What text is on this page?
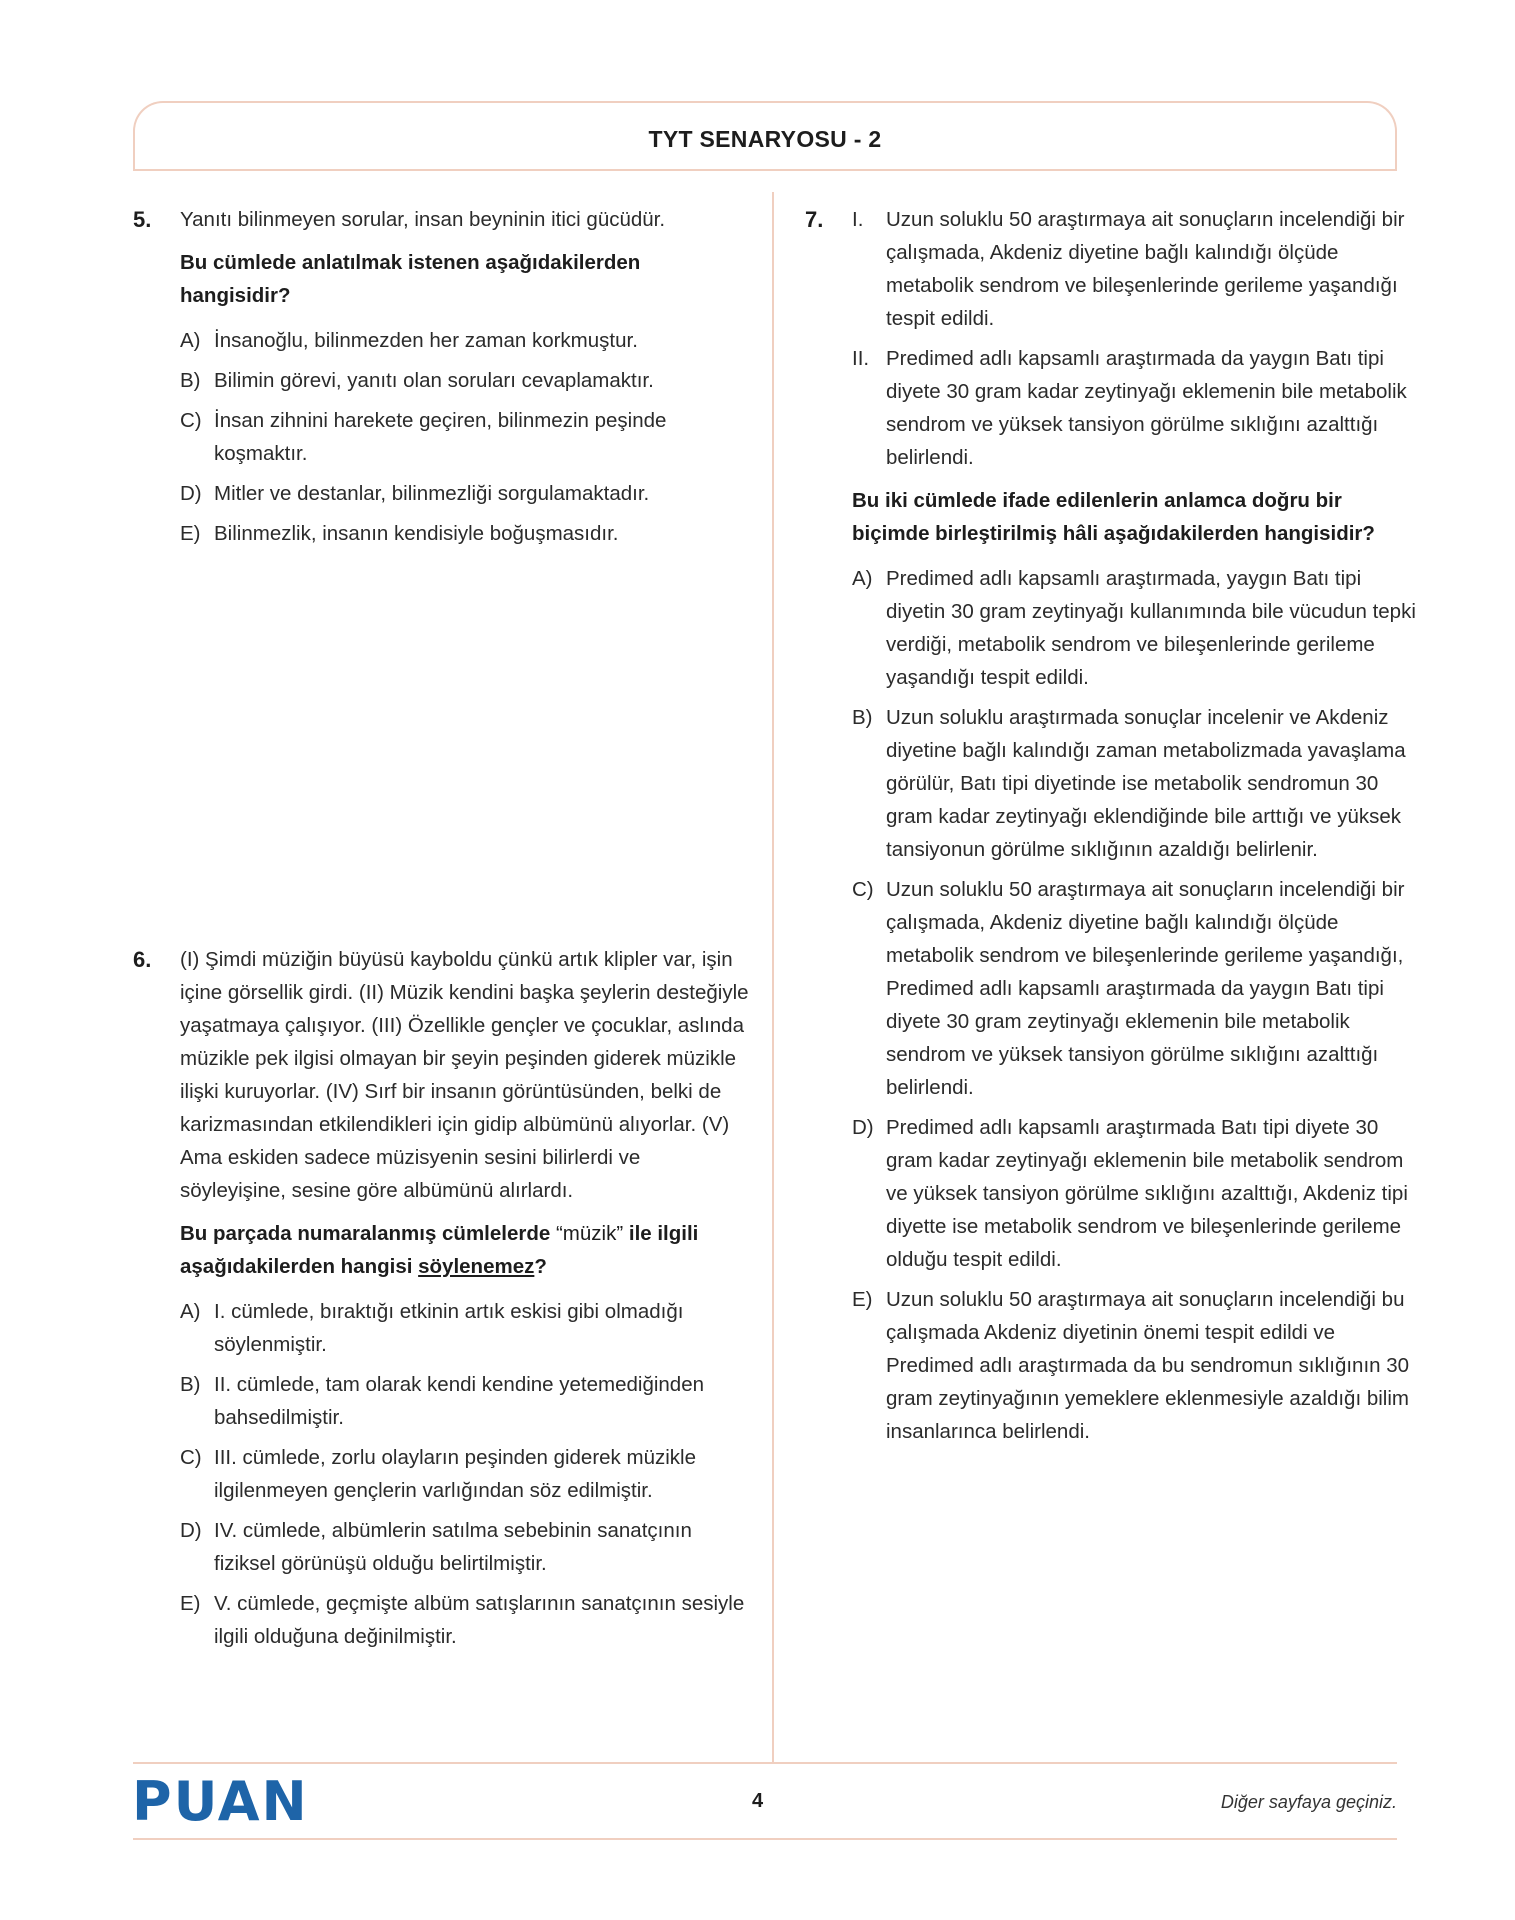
TYT SENARYOSU - 2
5. Yanıtı bilinmeyen sorular, insan beyninin itici gücüdür.

Bu cümlede anlatılmak istenen aşağıdakilerden hangisidir?

A) İnsanoğlu, bilinmezden her zaman korkmuştur.
B) Bilimin görevi, yanıtı olan soruları cevaplamaktır.
C) İnsan zihnini harekete geçiren, bilinmezin peşinde koşmaktır.
D) Mitler ve destanlar, bilinmezliği sorgulamaktadır.
E) Bilinmezlik, insanın kendisiyle boğuşmasıdır.
6. (I) Şimdi müziğin büyüsü kayboldu çünkü artık klipler var, işin içine görsellik girdi. (II) Müzik kendini başka şeylerin desteğiyle yaşatmaya çalışıyor. (III) Özellikle gençler ve çocuklar, aslında müzikle pek ilgisi olmayan bir şeyin peşinden giderek müzikle ilişki kuruyorlar. (IV) Sırf bir insanın görüntüsünden, belki de karizmasından etkilendikleri için gidip albümünü alıyorlar. (V) Ama eskiden sadece müzisyenin sesini bilirlerdi ve söyleyişine, sesine göre albümünü alırlardı.

Bu parçada numaralanmış cümlelerde “müzik” ile ilgili aşağıdakilerden hangisi söylenemez?

A) I. cümlede, bıraktığı etkinin artık eskisi gibi olmadığı söylenmiştir.
B) II. cümlede, tam olarak kendi kendine yetemediğinden bahsedilmiştir.
C) III. cümlede, zorlu olayların peşinden giderek müzikle ilgilenmeyen gençlerin varlığından söz edilmiştir.
D) IV. cümlede, albümlerin satılma sebebinin sanatçının fiziksel görünüşü olduğu belirtilmiştir.
E) V. cümlede, geçmişte albüm satışlarının sanatçının sesiyle ilgili olduğuna değinilmiştir.
7. I. Uzun soluklu 50 araştırmaya ait sonuçların incelendiği bir çalışmada, Akdeniz diyetine bağlı kalındığı ölçüde metabolik sendrom ve bileşenlerinde gerileme yaşandığı tespit edildi.
II. Predimed adlı kapsamlı araştırmada da yaygın Batı tipi diyete 30 gram kadar zeytinyağı eklemenin bile metabolik sendrom ve yüksek tansiyon görülme sıklığını azalttığı belirlendi.

Bu iki cümlede ifade edilenlerin anlamca doğru bir biçimde birleştirilmiş hâli aşağıdakilerden hangisidir?

A) Predimed adlı kapsamlı araştırmada, yaygın Batı tipi diyetin 30 gram zeytinyağı kullanımında bile vücudun tepki verdiği, metabolik sendrom ve bileşenlerinde gerileme yaşandığı tespit edildi.
B) Uzun soluklu araştırmada sonuçlar incelenir ve Akdeniz diyetine bağlı kalındığı zaman metabolizmada yavaşlama görülür, Batı tipi diyetinde ise metabolik sendromun 30 gram kadar zeytinyağı eklendiğinde bile arttığı ve yüksek tansiyonun görülme sıklığının azaldığı belirlenir.
C) Uzun soluklu 50 araştırmaya ait sonuçların incelendiği bir çalışmada, Akdeniz diyetine bağlı kalındığı ölçüde metabolik sendrom ve bileşenlerinde gerileme yaşandığı, Predimed adlı kapsamlı araştırmada da yaygın Batı tipi diyete 30 gram zeytinyağı eklemenin bile metabolik sendrom ve yüksek tansiyon görülme sıklığını azalttığı belirlendi.
D) Predimed adlı kapsamlı araştırmada Batı tipi diyete 30 gram kadar zeytinyağı eklemenin bile metabolik sendrom ve yüksek tansiyon görülme sıklığını azalttığı, Akdeniz tipi diyette ise metabolik sendrom ve bileşenlerinde gerileme olduğu tespit edildi.
E) Uzun soluklu 50 araştırmaya ait sonuçların incelendiği bu çalışmada Akdeniz diyetinin önemi tespit edildi ve Predimed adlı araştırmada da bu sendromun sıklığının 30 gram zeytinyağının yemeklere eklenmesiyle azaldığı bilim insanlarınca belirlendi.
PUAN	4	Diğer sayfaya geçiniz.
